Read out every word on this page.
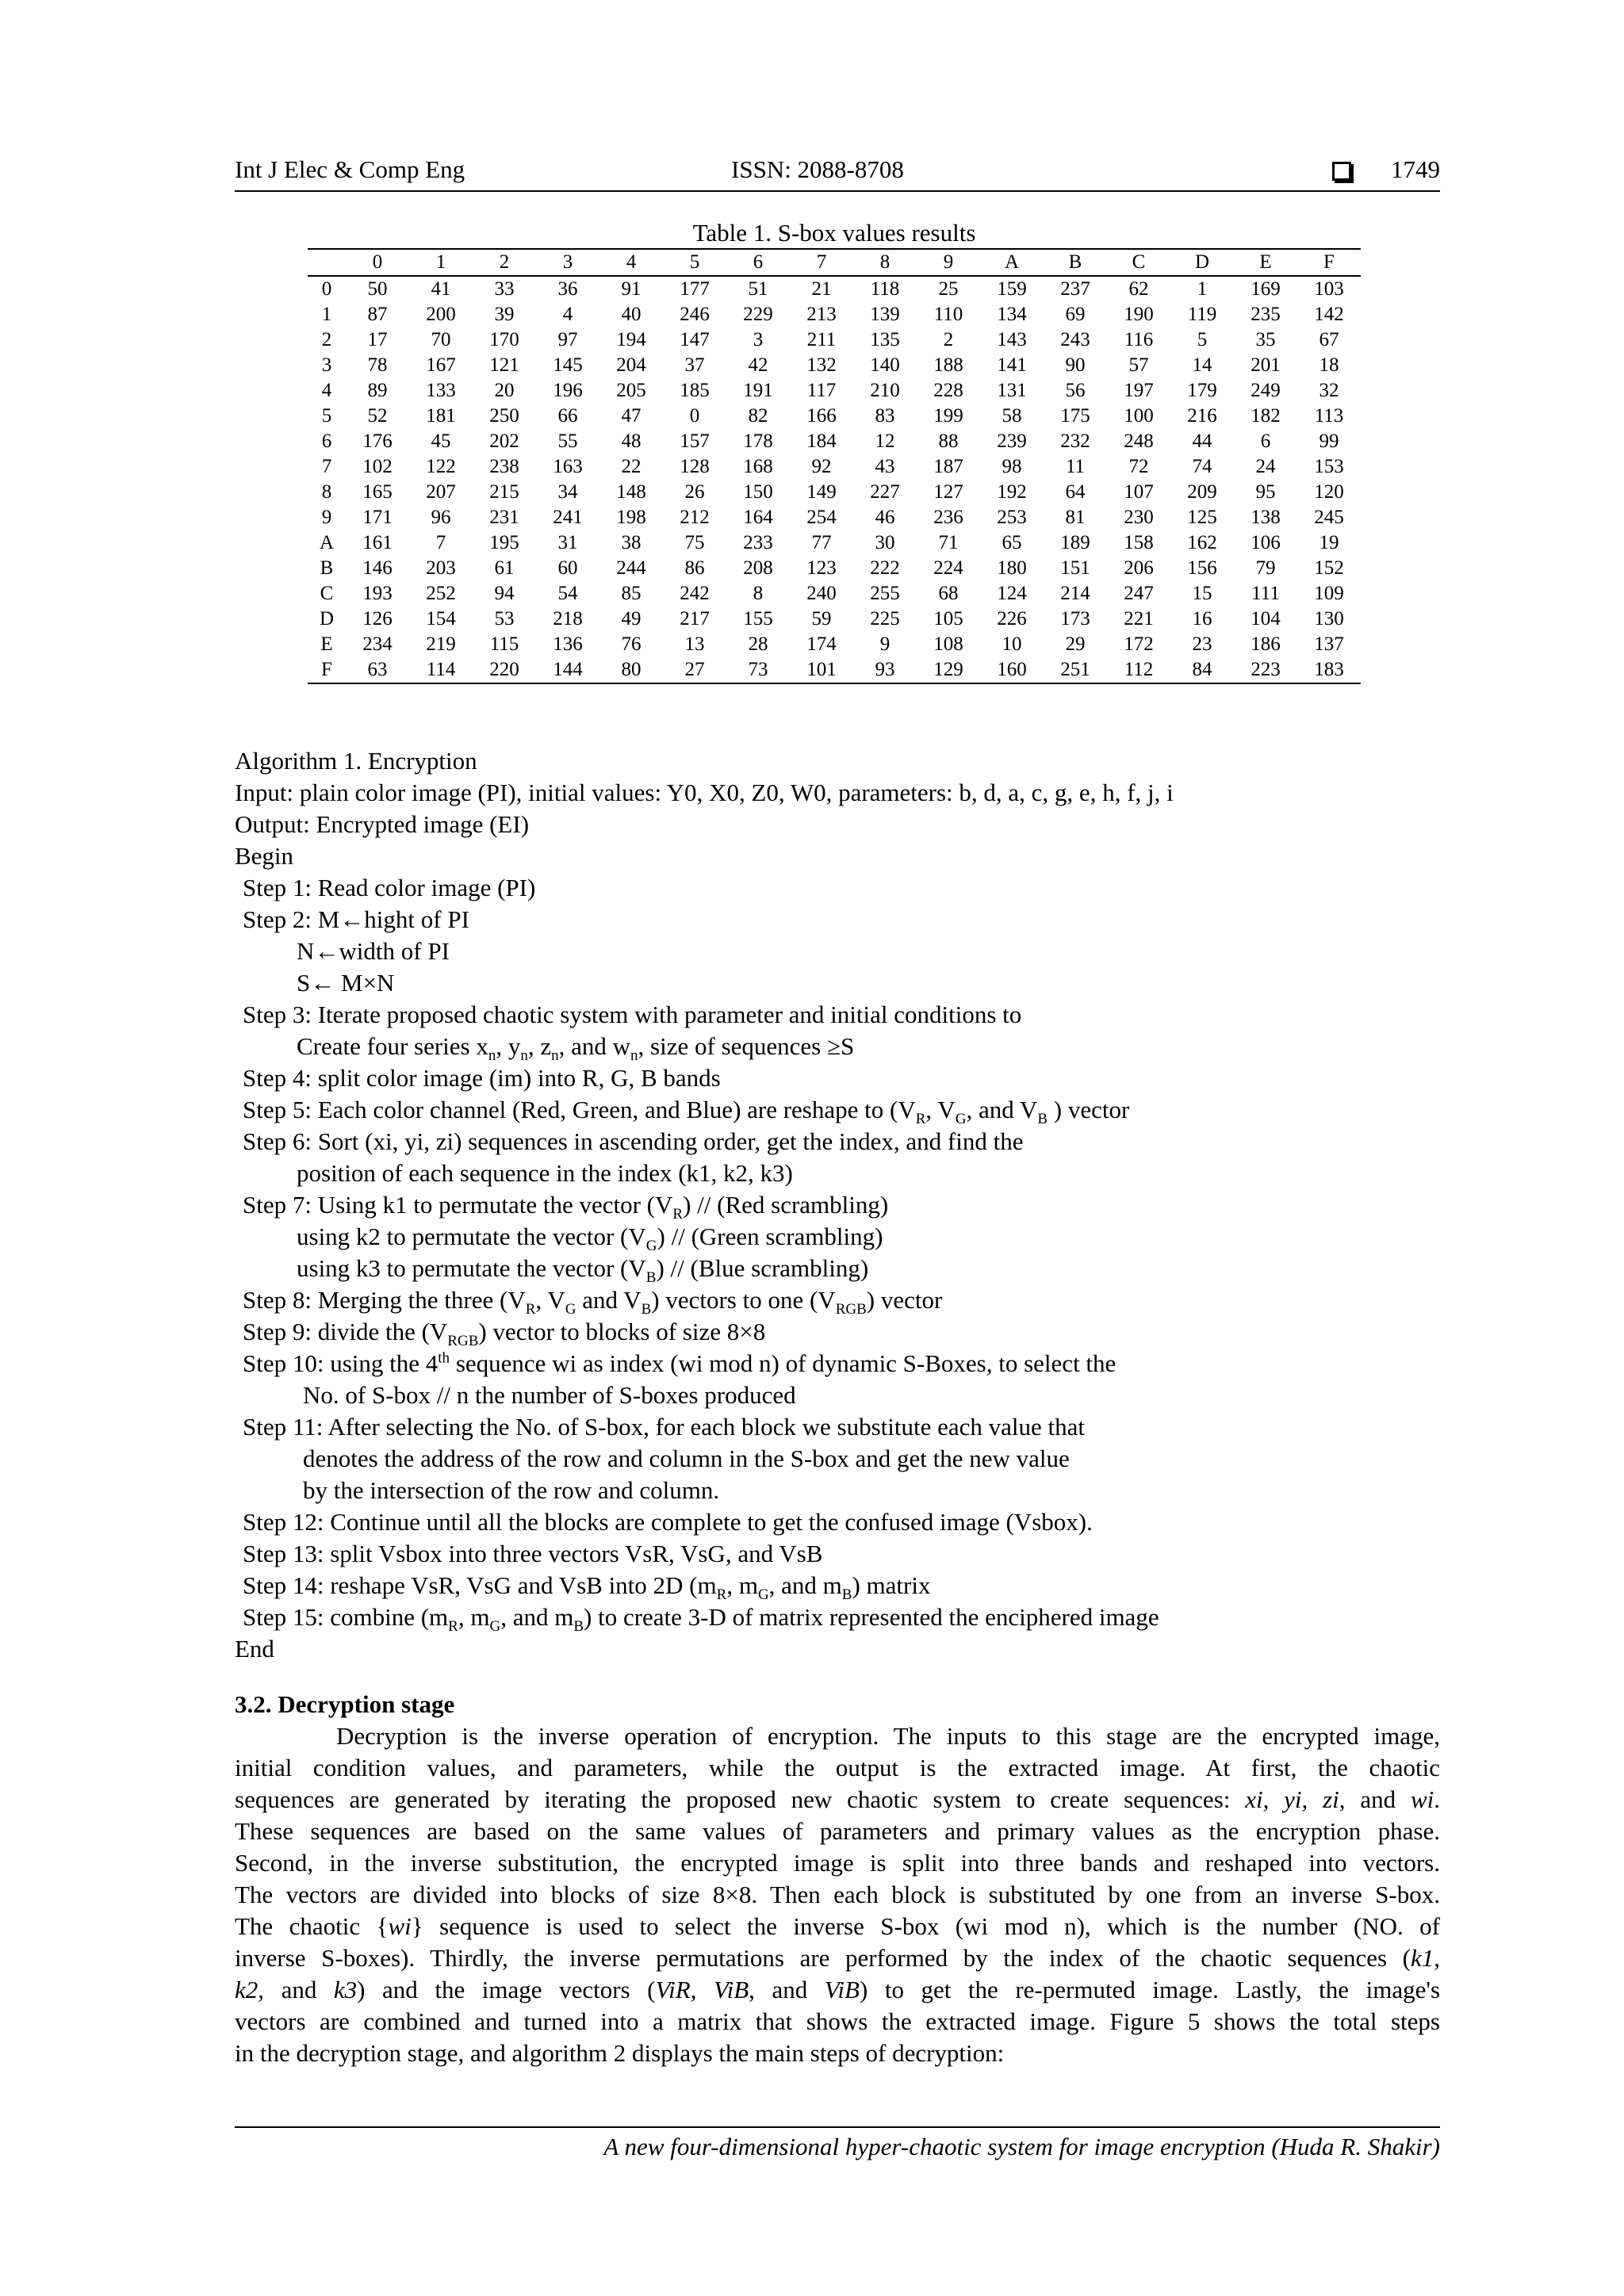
Int J Elec & Comp Eng	ISSN: 2088-8708	1749
Table 1. S-box values results
	0	1	2	3	4	5	6	7	8	9	A	B	C	D	E	F
0	50	41	33	36	91	177	51	21	118	25	159	237	62	1	169	103
1	87	200	39	4	40	246	229	213	139	110	134	69	190	119	235	142
2	17	70	170	97	194	147	3	211	135	2	143	243	116	5	35	67
3	78	167	121	145	204	37	42	132	140	188	141	90	57	14	201	18
4	89	133	20	196	205	185	191	117	210	228	131	56	197	179	249	32
5	52	181	250	66	47	0	82	166	83	199	58	175	100	216	182	113
6	176	45	202	55	48	157	178	184	12	88	239	232	248	44	6	99
7	102	122	238	163	22	128	168	92	43	187	98	11	72	74	24	153
8	165	207	215	34	148	26	150	149	227	127	192	64	107	209	95	120
9	171	96	231	241	198	212	164	254	46	236	253	81	230	125	138	245
A	161	7	195	31	38	75	233	77	30	71	65	189	158	162	106	19
B	146	203	61	60	244	86	208	123	222	224	180	151	206	156	79	152
C	193	252	94	54	85	242	8	240	255	68	124	214	247	15	111	109
D	126	154	53	218	49	217	155	59	225	105	226	173	221	16	104	130
E	234	219	115	136	76	13	28	174	9	108	10	29	172	23	186	137
F	63	114	220	144	80	27	73	101	93	129	160	251	112	84	223	183
Algorithm 1. Encryption
Input: plain color image (PI), initial values: Y0, X0, Z0, W0, parameters: b, d, a, c, g, e, h, f, j, i
Output: Encrypted image (EI)
Begin
Step 1: Read color image (PI)
Step 2: M←hight of PI
N←width of PI
S← M×N
Step 3: Iterate proposed chaotic system with parameter and initial conditions to
Create four series $x_n$, $y_n$, $z_n$, and $w_n$, size of sequences ≥S
Step 4: split color image (im) into R, G, B bands
Step 5: Each color channel (Red, Green, and Blue) are reshape to ($V_R$, $V_G$, and $V_B$ ) vector
Step 6: Sort (xi, yi, zi) sequences in ascending order, get the index, and find the
position of each sequence in the index (k1, k2, k3)
Step 7: Using k1 to permutate the vector $(V_R) // (Red$ scrambling)
using k2 to permutate the vector $(V_G)$ // (Green scrambling)
using k3 to permutate the vector $(V_B)$ // (Blue scrambling)
Step 8: Merging the three ($V_R$, $V_G$ and $V_B$) vectors to one $(V_{RGB})$ vector
Step 9: divide the $(V_{RGB})$ vector to blocks of size 8×8
Step 10: using the 4th sequence wi as index (wi mod n) of dynamic S-Boxes, to select the
No. of S-box // n the number of S-boxes produced
Step 11: After selecting the No. of S-box, for each block we substitute each value that
denotes the address of the row and column in the S-box and get the new value
by the intersection of the row and column.
Step 12: Continue until all the blocks are complete to get the confused image (Vsbox).
Step 13: split Vsbox into three vectors VsR, VsG, and VsB
Step 14: reshape VsR, VsG and VsB into 2D ($m_R$, $m_G$, and $m_B$) matrix
Step 15: combine ($m_R$, $m_G$, and $m_B$) to create 3-D of matrix represented the enciphered image
End
3.2. Decryption stage
Decryption is the inverse operation of encryption. The inputs to this stage are the encrypted image,
initial condition values, and parameters, while the output is the extracted image. At first, the chaotic
sequences are generated by iterating the proposed new chaotic system to create sequences: xi, yi, zi, and wi.
These sequences are based on the same values of parameters and primary values as the encryption phase.
Second, in the inverse substitution, the encrypted image is split into three bands and reshaped into vectors.
The vectors are divided into blocks of size 8×8. Then each block is substituted by one from an inverse S-box.
The chaotic {wi} sequence is used to select the inverse S-box (wi mod n), which is the number (NO. of
inverse S-boxes). Thirdly, the inverse permutations are performed by the index of the chaotic sequences (k1,
k2, and k3) and the image vectors (ViR, ViB, and ViB) to get the re-permuted image. Lastly, the image's
vectors are combined and turned into a matrix that shows the extracted image. Figure 5 shows the total steps
in the decryption stage, and algorithm 2 displays the main steps of decryption:
A new four-dimensional hyper-chaotic system for image encryption (Huda R. Shakir)
